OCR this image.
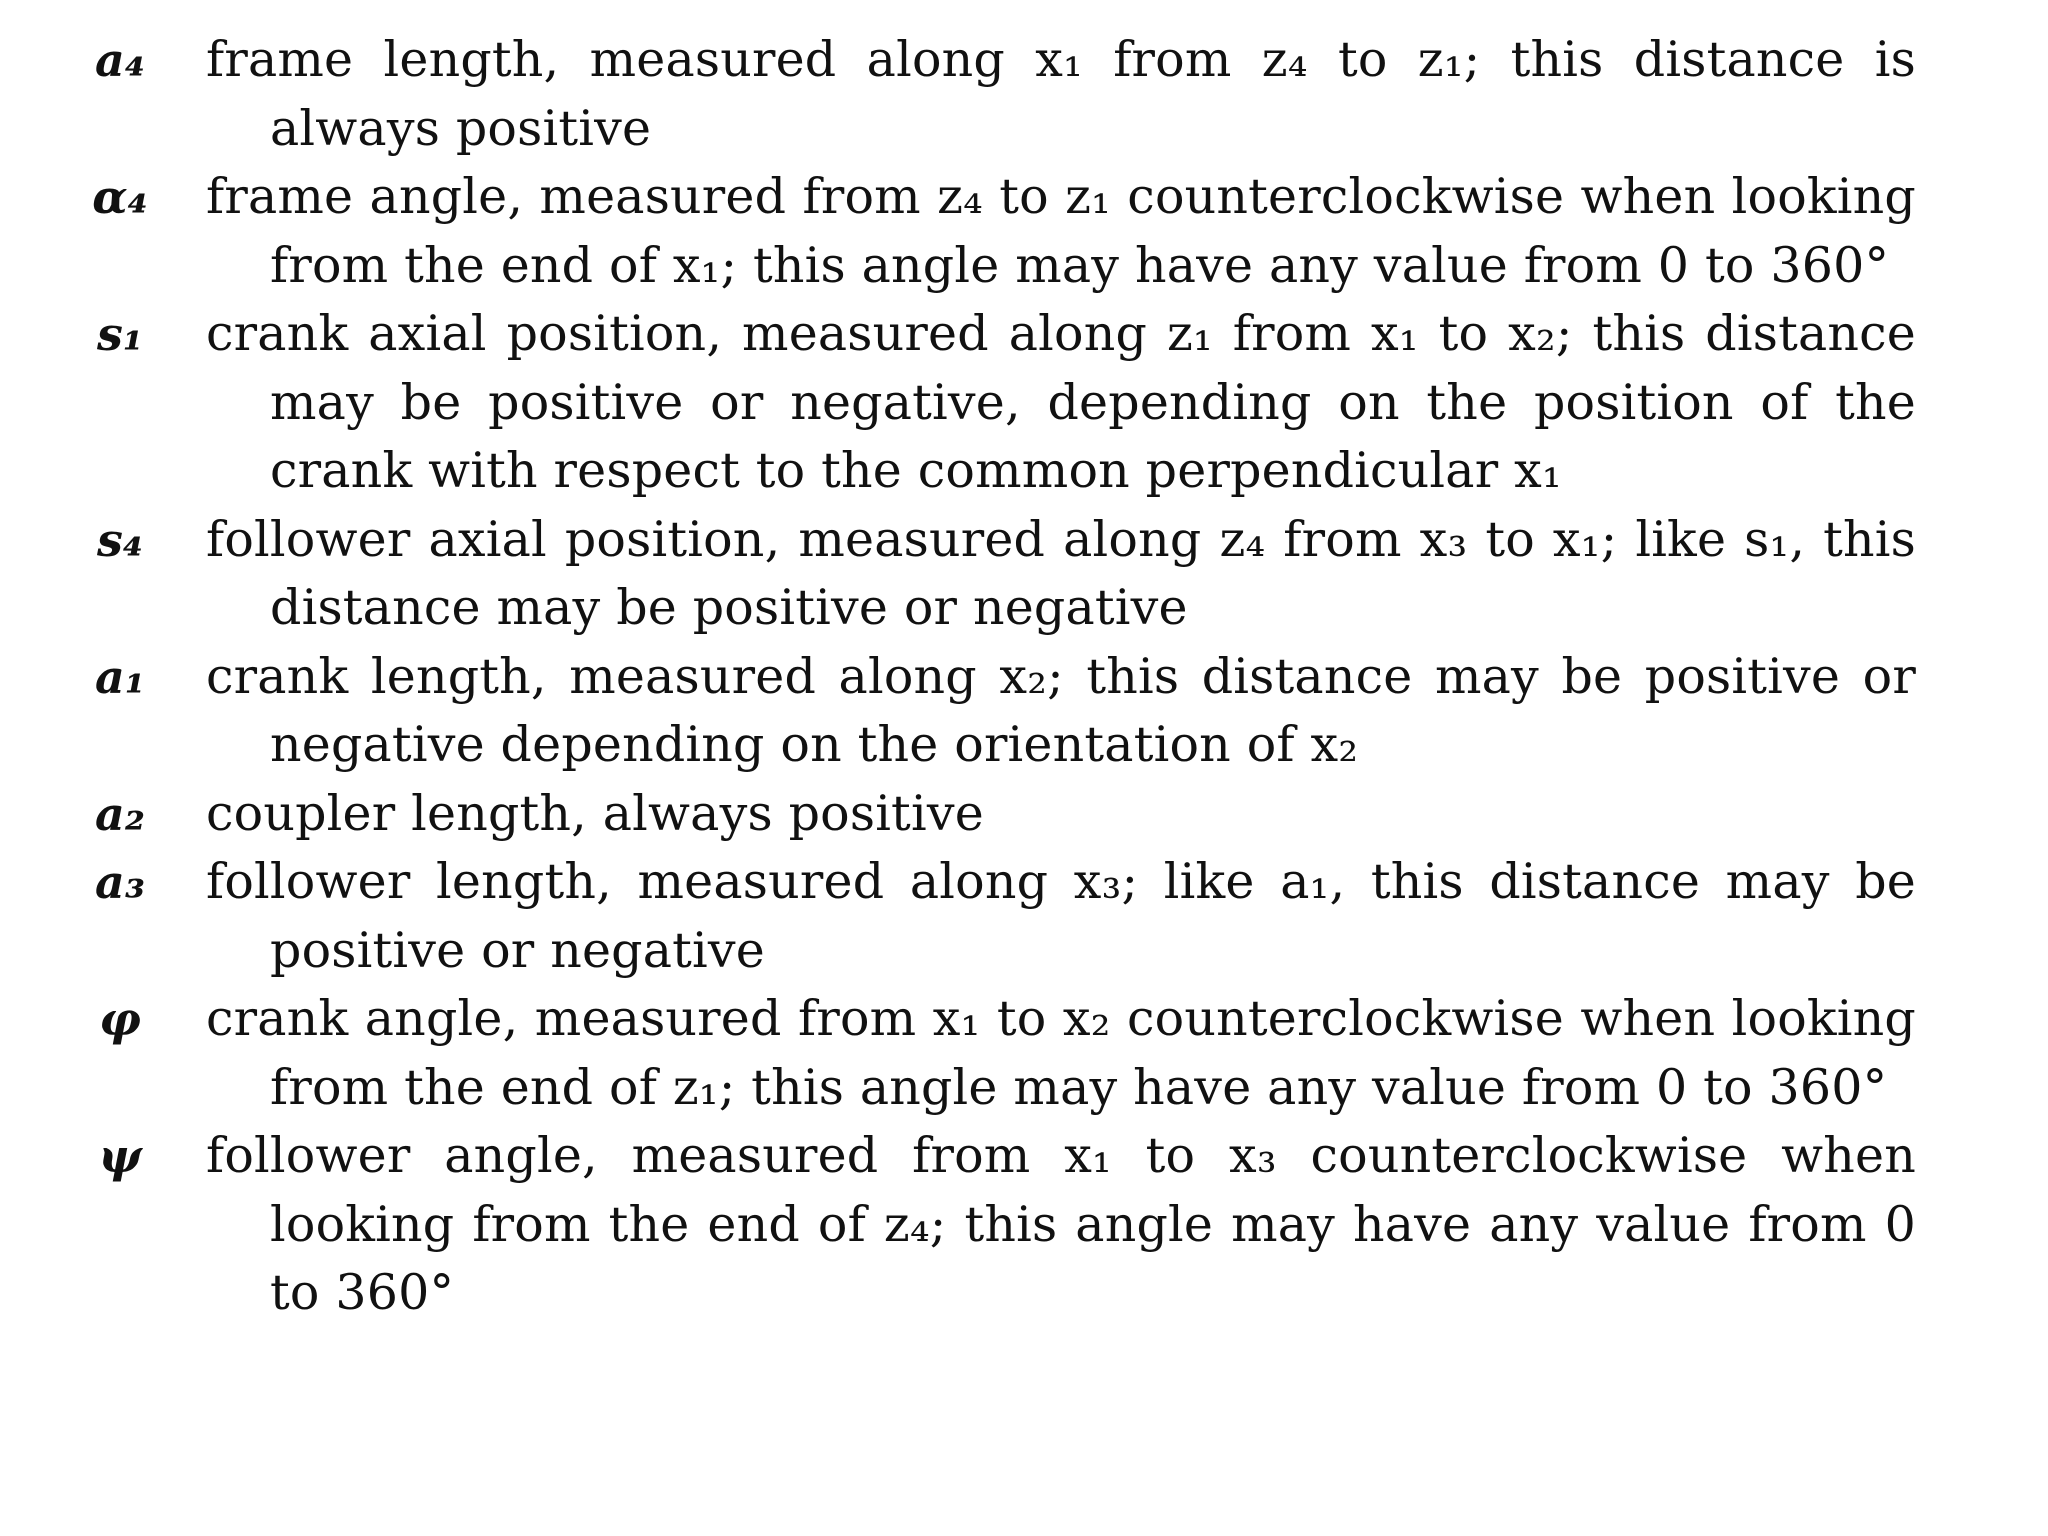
a₄	frame length, measured along x₁ from z₄ to z₁; this distance is always positive
α₄ frame angle, measured from z₄ to z₁ counterclockwise when looking from the end of x₁; this angle may have any value from 0 to 360°
s₁	crank axial position, measured along z₁ from x₁ to x₂; this distance may be positive or negative, depending on the position of the crank with respect to the common perpendicular x₁
s₄	follower axial position, measured along z₄ from x₃ to x₁; like s₁, this distance may be positive or negative
a₁	crank length, measured along x₂; this distance may be positive or negative depending on the orientation of x₂
a₂	coupler length, always positive
a₃	follower length, measured along x₃; like a₁, this distance may be positive or negative
φ	crank angle, measured from x₁ to x₂ counterclockwise when looking from the end of z₁; this angle may have any value from 0 to 360°
ψ	follower angle, measured from x₁ to x₃ counterclockwise when looking from the end of z₄; this angle may have any value from 0 to 360°
